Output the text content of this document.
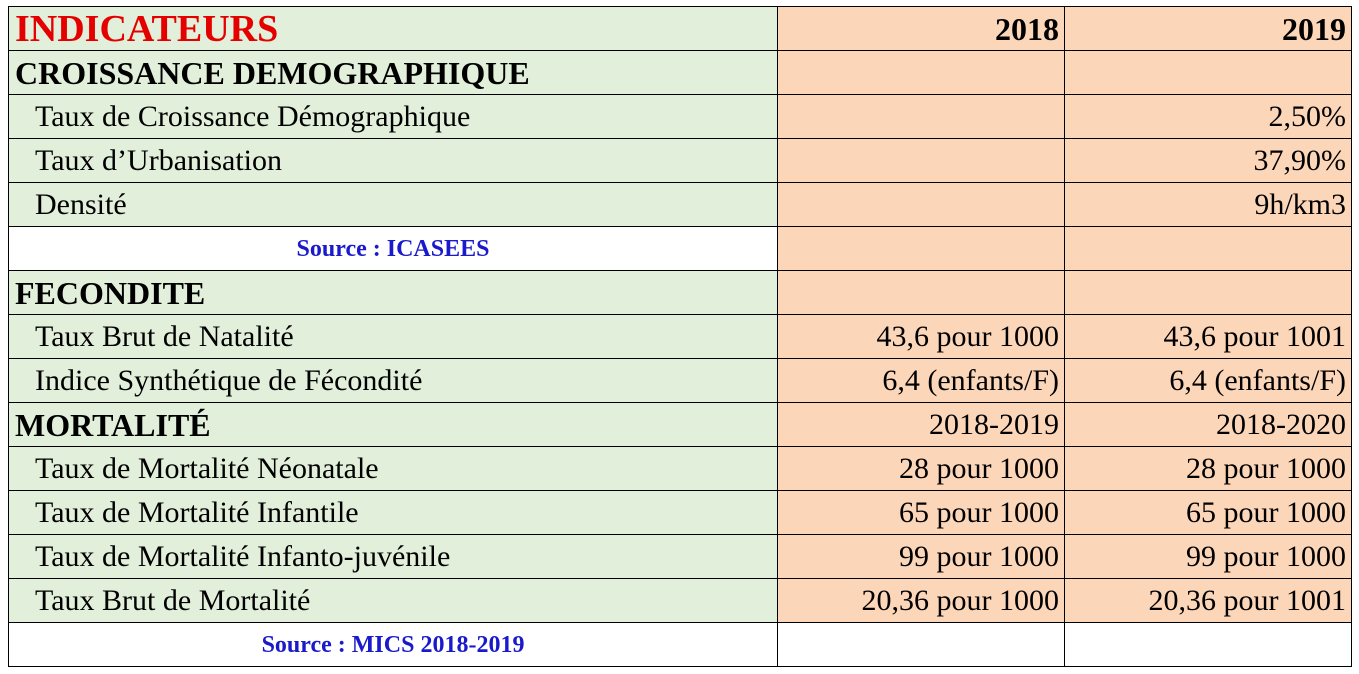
INDICATEURS	2018	2019
CROISSANCE DEMOGRAPHIQUE		
Taux de Croissance Démographique		2,50%
Taux d’Urbanisation		37,90%
Densité		9h/km3
Source : ICASEES		
FECONDITE		
Taux Brut de Natalité	43,6 pour 1000	43,6 pour 1001
Indice Synthétique de Fécondité	6,4 (enfants/F)	6,4 (enfants/F)
MORTALITÉ	2018-2019	2018-2020
Taux de Mortalité Néonatale	28 pour 1000	28 pour 1000
Taux de Mortalité Infantile	65 pour 1000	65 pour 1000
Taux de Mortalité Infanto-juvénile	99 pour 1000	99 pour 1000
Taux Brut de Mortalité	20,36 pour 1000	20,36 pour 1001
Source : MICS 2018-2019		
